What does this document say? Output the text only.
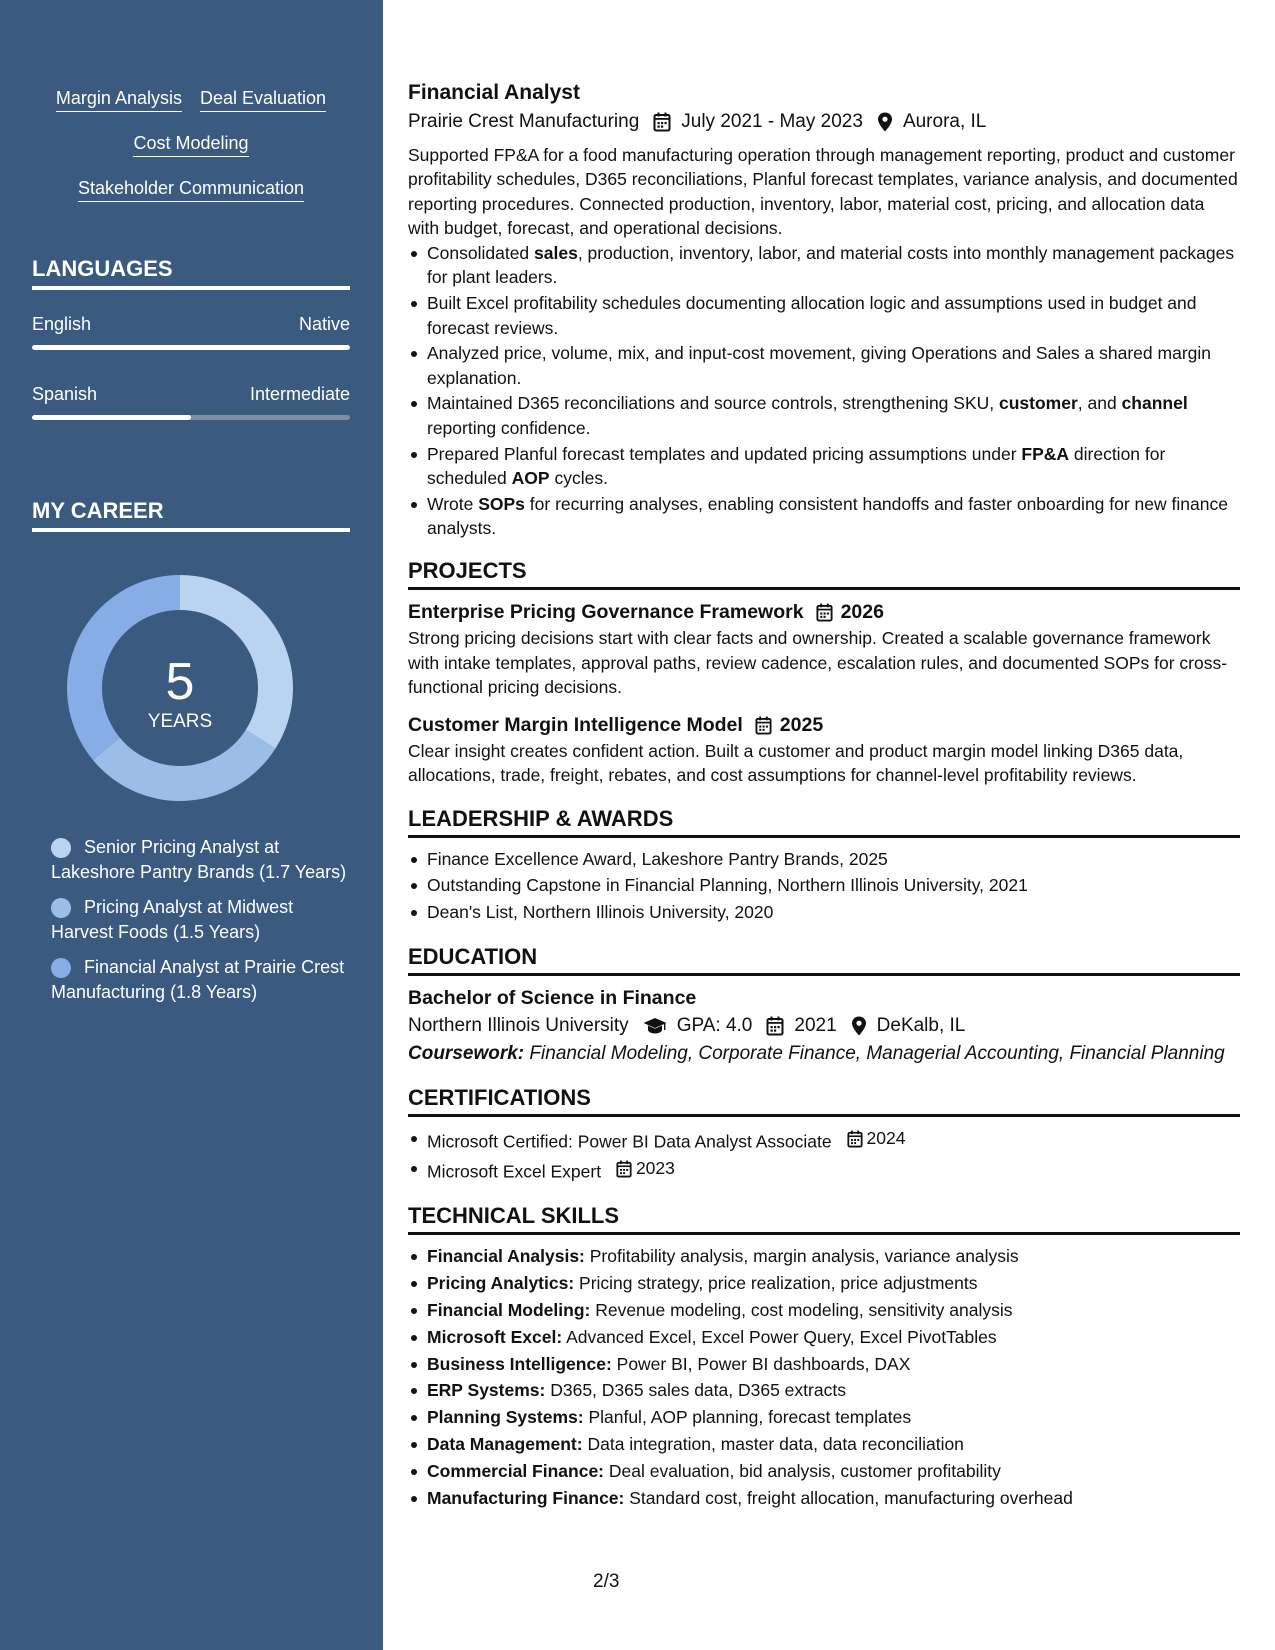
Margin Analysis Deal Evaluation
Cost Modeling
Stakeholder Communication
LANGUAGES
English	Native
Spanish	Intermediate
MY CAREER
5
YEARS
Senior Pricing Analyst at Lakeshore Pantry Brands (1.7 Years)
Pricing Analyst at Midwest Harvest Foods (1.5 Years)
Financial Analyst at Prairie Crest Manufacturing (1.8 Years)
Financial Analyst
Prairie Crest Manufacturing July 2021 - May 2023 Aurora, IL

Supported FP&A for a food manufacturing operation through management reporting, product and customer profitability schedules, D365 reconciliations, Planful forecast templates, variance analysis, and documented reporting procedures. Connected production, inventory, labor, material cost, pricing, and allocation data with budget, forecast, and operational decisions.

Consolidated sales, production, inventory, labor, and material costs into monthly management packages for plant leaders.
Built Excel profitability schedules documenting allocation logic and assumptions used in budget and forecast reviews.
Analyzed price, volume, mix, and input-cost movement, giving Operations and Sales a shared margin explanation.
Maintained D365 reconciliations and source controls, strengthening SKU, customer, and channel reporting confidence.
Prepared Planful forecast templates and updated pricing assumptions under FP&A direction for scheduled AOP cycles.
Wrote SOPs for recurring analyses, enabling consistent handoffs and faster onboarding for new finance analysts.
PROJECTS
Enterprise Pricing Governance Framework 2026

Strong pricing decisions start with clear facts and ownership. Created a scalable governance framework with intake templates, approval paths, review cadence, escalation rules, and documented SOPs for cross-functional pricing decisions.

Customer Margin Intelligence Model 2025

Clear insight creates confident action. Built a customer and product margin model linking D365 data, allocations, trade, freight, rebates, and cost assumptions for channel-level profitability reviews.

LEADERSHIP & AWARDS
Finance Excellence Award, Lakeshore Pantry Brands, 2025
Outstanding Capstone in Financial Planning, Northern Illinois University, 2021
Dean's List, Northern Illinois University, 2020
EDUCATION
Bachelor of Science in Finance
Northern Illinois University	GPA: 4.0 2021 DeKalb, IL

Coursework: Financial Modeling, Corporate Finance, Managerial Accounting, Financial Planning

CERTIFICATIONS
Microsoft Certified: Power BI Data Analyst Associate 2024
Microsoft Excel Expert 2023
TECHNICAL SKILLS
Financial Analysis: Profitability analysis, margin analysis, variance analysis
Pricing Analytics: Pricing strategy, price realization, price adjustments
Financial Modeling: Revenue modeling, cost modeling, sensitivity analysis
Microsoft Excel: Advanced Excel, Excel Power Query, Excel PivotTables
Business Intelligence: Power BI, Power BI dashboards, DAX
ERP Systems: D365, D365 sales data, D365 extracts
Planning Systems: Planful, AOP planning, forecast templates
Data Management: Data integration, master data, data reconciliation
Commercial Finance: Deal evaluation, bid analysis, customer profitability
Manufacturing Finance: Standard cost, freight allocation, manufacturing overhead
2/3
